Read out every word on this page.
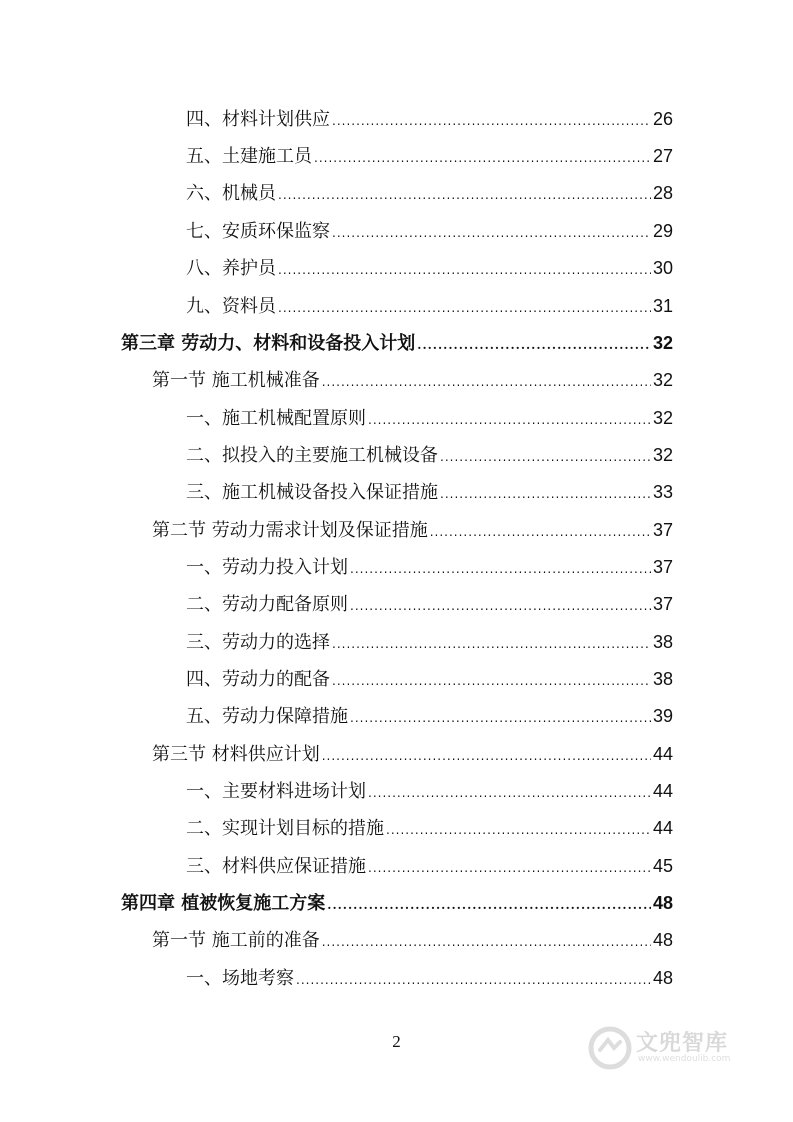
四、材料计划供应 .....	26
五、土建施工员 .....	27
六、机械员 .....	28
七、安质环保监察 .....	29
八、养护员 .....	30
九、资料员 .....	31
第三章 劳动力、材料和设备投入计划 .....	32
第一节 施工机械准备 .....	32
一、施工机械配置原则 .....	32
二、拟投入的主要施工机械设备 .....	32
三、施工机械设备投入保证措施 .....	33
第二节 劳动力需求计划及保证措施 .....	37
一、劳动力投入计划 .....	37
二、劳动力配备原则 .....	37
三、劳动力的选择 .....	38
四、劳动力的配备 .....	38
五、劳动力保障措施 .....	39
第三节 材料供应计划 .....	44
一、主要材料进场计划 .....	44
二、实现计划目标的措施 .....	44
三、材料供应保证措施 .....	45
第四章 植被恢复施工方案 .....	48
第一节 施工前的准备 .....	48
一、场地考察 .....	48
2	文兜智库
www.wendoulib.com
